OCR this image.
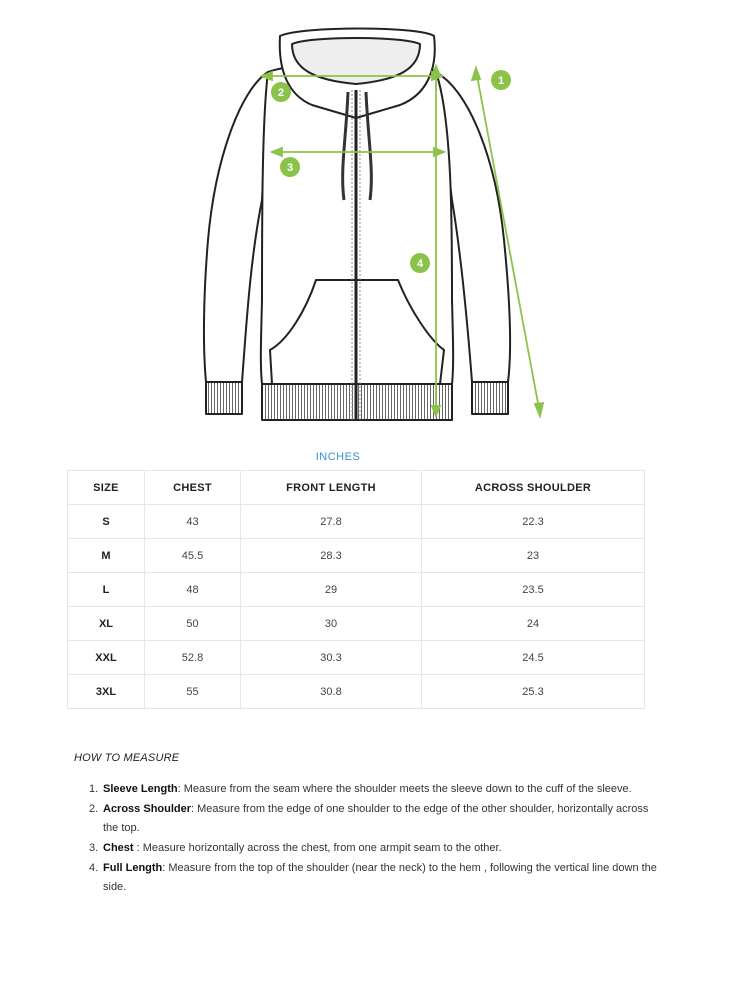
1
2
3
4
INCHES
SIZE	CHEST	FRONT LENGTH	ACROSS SHOULDER
S	43	27.8	22.3
M	45.5	28.3	23
L	48	29	23.5
XL	50	30	24
XXL	52.8	30.3	24.5
3XL	55	30.8	25.3
HOW TO MEASURE
Sleeve Length: Measure from the seam where the shoulder meets the sleeve down to the cuff of the sleeve.
Across Shoulder: Measure from the edge of one shoulder to the edge of the other shoulder, horizontally across the top.
Chest : Measure horizontally across the chest, from one armpit seam to the other.
Full Length: Measure from the top of the shoulder (near the neck) to the hem , following the vertical line down the side.
